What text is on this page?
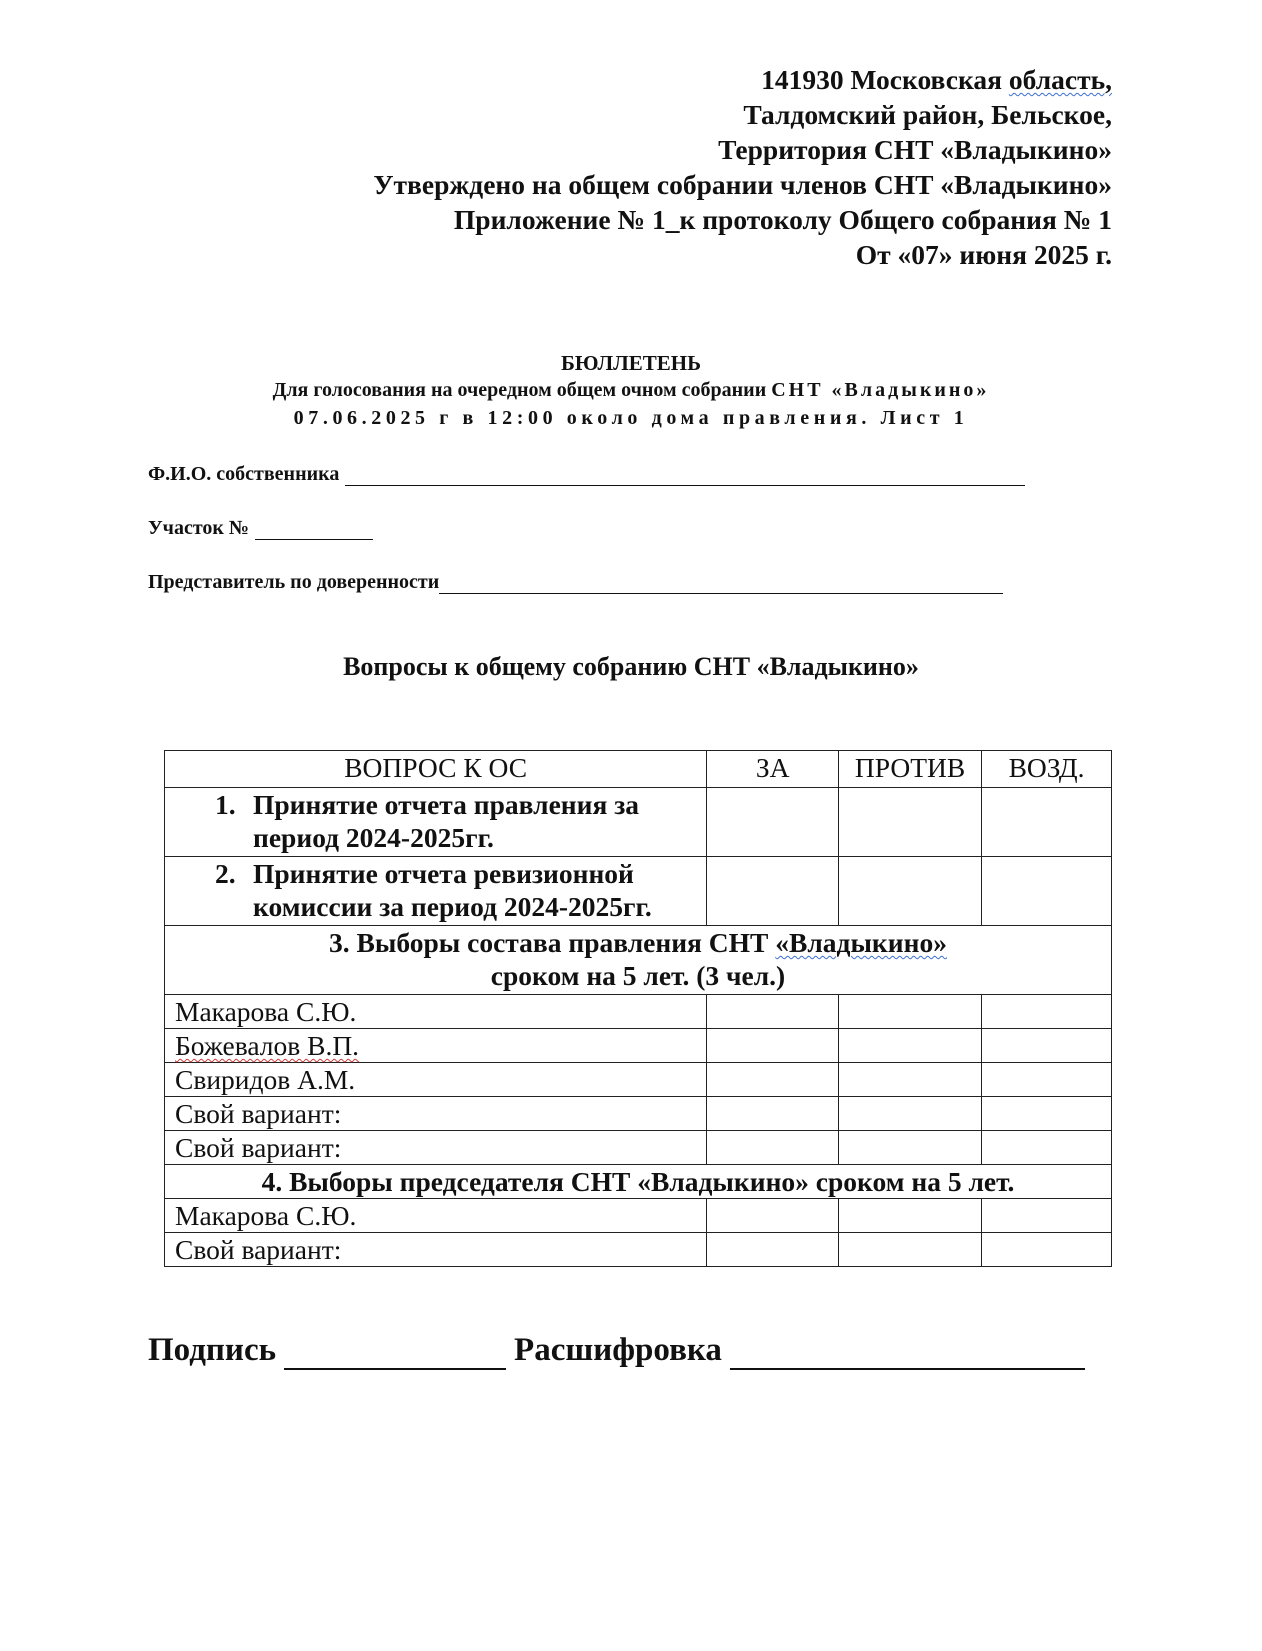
141930 Московская область,
Талдомский район, Бельское,
Территория СНТ «Владыкино»
Утверждено на общем собрании членов СНТ «Владыкино»
Приложение № 1_к протоколу Общего собрания № 1
От «07» июня 2025 г.
БЮЛЛЕТЕНЬ
Для голосования на очередном общем очном собрании СНТ «Владыкино»
07.06.2025 г в 12:00 около дома правления. Лист 1
Ф.И.О. собственника
Участок №
Представитель по доверенности
Вопросы к общему собранию СНТ «Владыкино»
ВОПРОС К ОС	ЗА	ПРОТИВ	ВОЗД.

1. Принятие отчета правления за период 2024-2025гг.			

2. Принятие отчета ревизионной комиссии за период 2024-2025гг.			

3. Выборы состава правления СНТ «Владыкино»
сроком на 5 лет. (3 чел.)			

Макарова С.Ю.			
Божевалов В.П.			
Свиридов А.М.			
Свой вариант:			
Свой вариант:			
4. Выборы председателя СНТ «Владыкино» сроком на 5 лет.			
Макарова С.Ю.			
Свой вариант:			
Подпись	Расшифровка
